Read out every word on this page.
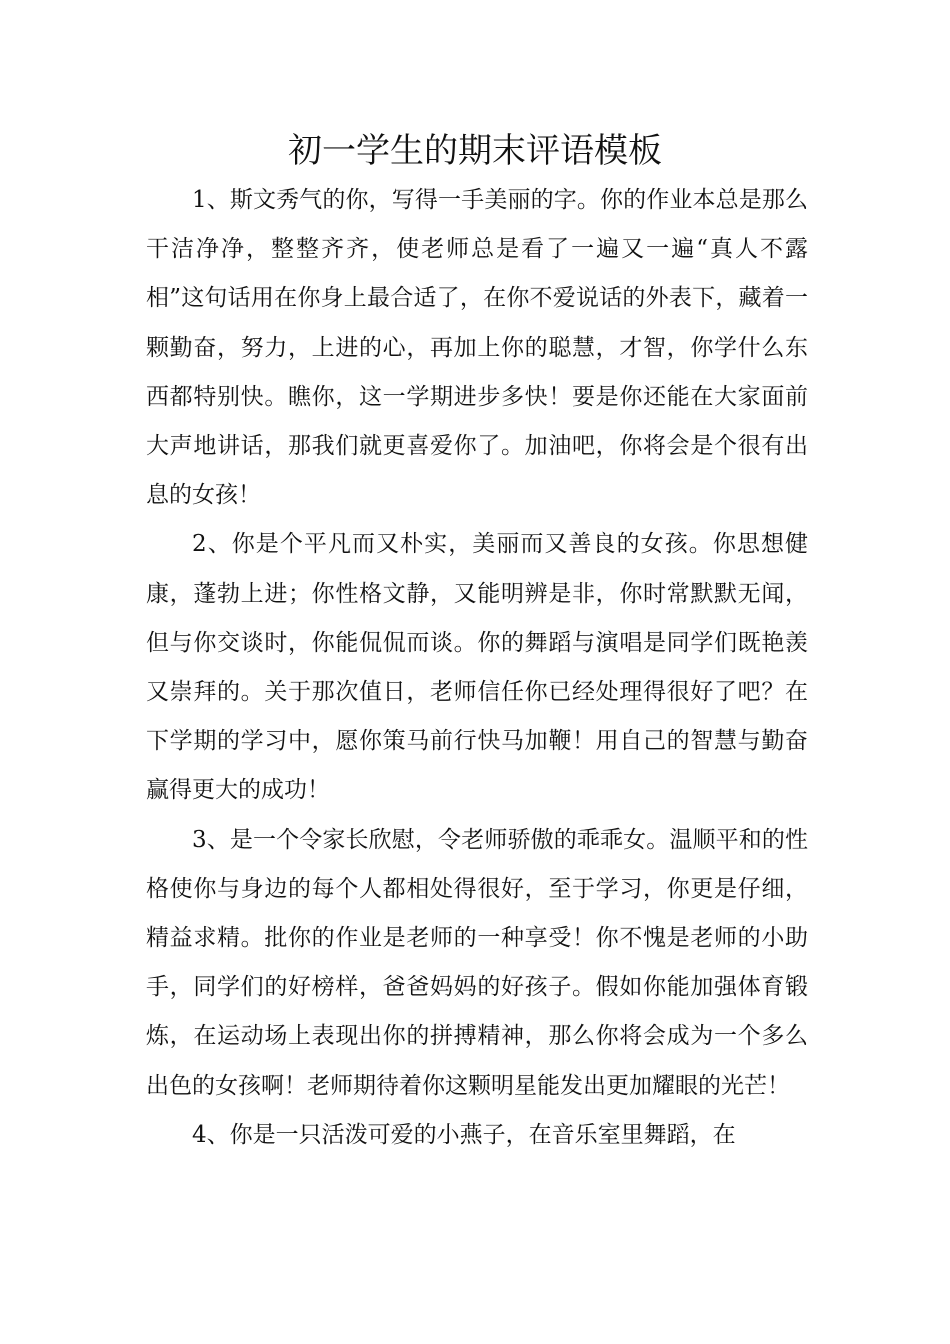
初一学生的期末评语模板

1、斯文秀气的你，写得一手美丽的字。你的作业本总是那么干洁净净，整整齐齐，使老师总是看了一遍又一遍“真人不露相”这句话用在你身上最合适了，在你不爱说话的外表下，藏着一颗勤奋，努力，上进的心，再加上你的聪慧，才智，你学什么东西都特别快。瞧你，这一学期进步多快！要是你还能在大家面前大声地讲话，那我们就更喜爱你了。加油吧，你将会是个很有出息的女孩！

2、你是个平凡而又朴实，美丽而又善良的女孩。你思想健康，蓬勃上进；你性格文静，又能明辨是非，你时常默默无闻，但与你交谈时，你能侃侃而谈。你的舞蹈与演唱是同学们既艳羡又崇拜的。关于那次值日，老师信任你已经处理得很好了吧？在下学期的学习中，愿你策马前行快马加鞭！用自己的智慧与勤奋赢得更大的成功！

3、是一个令家长欣慰，令老师骄傲的乖乖女。温顺平和的性格使你与身边的每个人都相处得很好，至于学习，你更是仔细，精益求精。批你的作业是老师的一种享受！你不愧是老师的小助手，同学们的好榜样，爸爸妈妈的好孩子。假如你能加强体育锻炼，在运动场上表现出你的拼搏精神，那么你将会成为一个多么出色的女孩啊！老师期待着你这颗明星能发出更加耀眼的光芒！

4、你是一只活泼可爱的小燕子，在音乐室里舞蹈，在
